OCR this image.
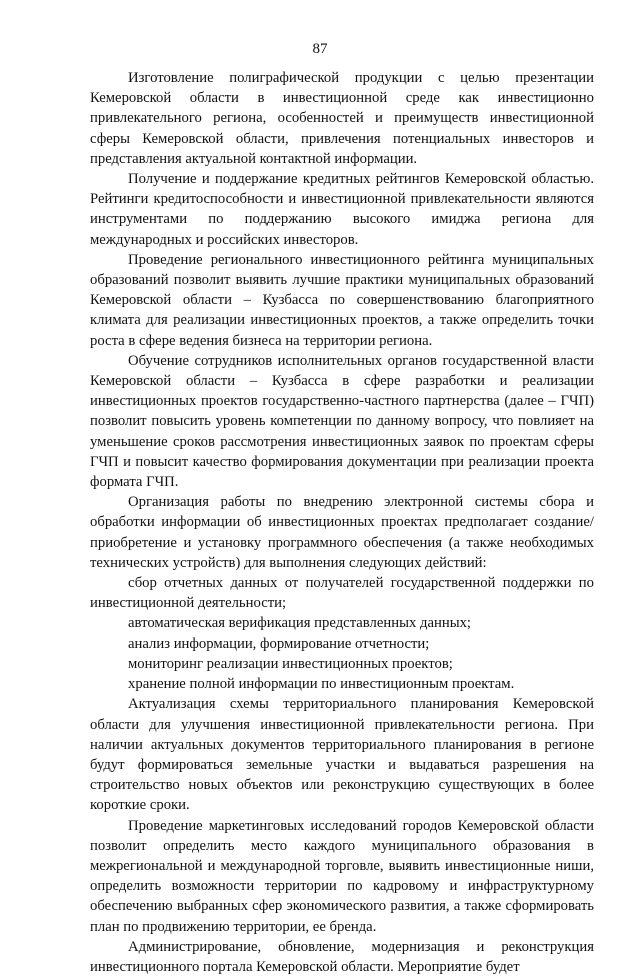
87

Изготовление полиграфической продукции с целью презентации Кемеровской области в инвестиционной среде как инвестиционно привлекательного региона, особенностей и преимуществ инвестиционной сферы Кемеровской области, привлечения потенциальных инвесторов и представления актуальной контактной информации.

Получение и поддержание кредитных рейтингов Кемеровской областью. Рейтинги кредитоспособности и инвестиционной привлекательности являются инструментами по поддержанию высокого имиджа региона для международных и российских инвесторов.

Проведение регионального инвестиционного рейтинга муниципальных образований позволит выявить лучшие практики муниципальных образований Кемеровской области – Кузбасса по совершенствованию благоприятного климата для реализации инвестиционных проектов, а также определить точки роста в сфере ведения бизнеса на территории региона.

Обучение сотрудников исполнительных органов государственной власти Кемеровской области – Кузбасса в сфере разработки и реализации инвестиционных проектов государственно-частного партнерства (далее – ГЧП) позволит повысить уровень компетенции по данному вопросу, что повлияет на уменьшение сроков рассмотрения инвестиционных заявок по проектам сферы ГЧП и повысит качество формирования документации при реализации проекта формата ГЧП.

Организация работы по внедрению электронной системы сбора и обработки информации об инвестиционных проектах предполагает создание/приобретение и установку программного обеспечения (а также необходимых технических устройств) для выполнения следующих действий:

сбор отчетных данных от получателей государственной поддержки по инвестиционной деятельности;

автоматическая верификация представленных данных;

анализ информации, формирование отчетности;

мониторинг реализации инвестиционных проектов;

хранение полной информации по инвестиционным проектам.

Актуализация схемы территориального планирования Кемеровской области для улучшения инвестиционной привлекательности региона. При наличии актуальных документов территориального планирования в регионе будут формироваться земельные участки и выдаваться разрешения на строительство новых объектов или реконструкцию существующих в более короткие сроки.

Проведение маркетинговых исследований городов Кемеровской области позволит определить место каждого муниципального образования в межрегиональной и международной торговле, выявить инвестиционные ниши, определить возможности территории по кадровому и инфраструктурному обеспечению выбранных сфер экономического развития, а также сформировать план по продвижению территории, ее бренда.

Администрирование, обновление, модернизация и реконструкция инвестиционного портала Кемеровской области. Мероприятие будет
